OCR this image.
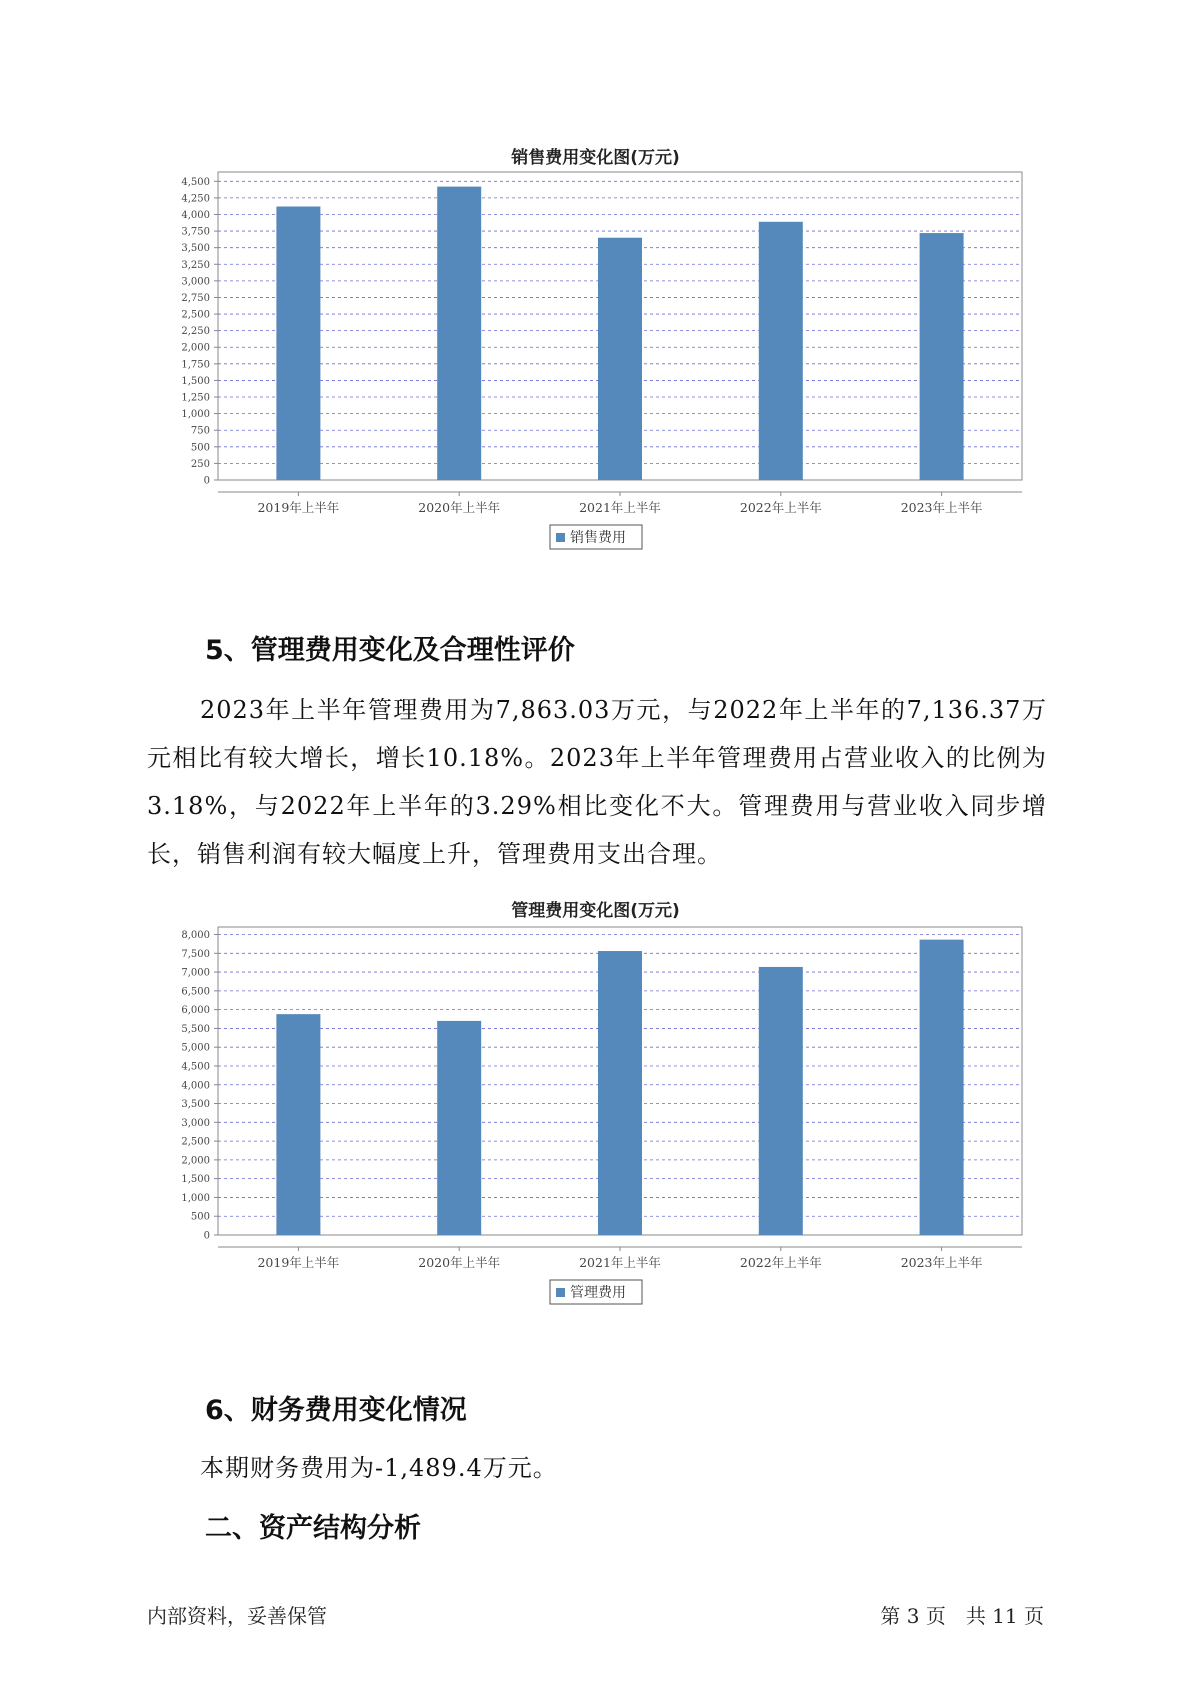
销售费用变化图(万元)
0
250
500
750
1,000
1,250
1,500
1,750
2,000
2,250
2,500
2,750
3,000
3,250
3,500
3,750
4,000
4,250
4,500
2019年上半年	2020年上半年	2021年上半年	2022年上半年	2023年上半年
销售费用
5、管理费用变化及合理性评价

2023年上半年管理费用为7,863.03万元，与2022年上半年的7,136.37万元相比有较大增长，增长10.18%。2023年上半年管理费用占营业收入的比例为3.18%，与2022年上半年的3.29%相比变化不大。管理费用与营业收入同步增长，销售利润有较大幅度上升，管理费用支出合理。

管理费用变化图(万元)
0
500
1,000
1,500
2,000
2,500
3,000
3,500
4,000
4,500
5,000
5,500
6,000
6,500
7,000
7,500
8,000
2019年上半年	2020年上半年	2021年上半年	2022年上半年	2023年上半年
管理费用
6、财务费用变化情况

本期财务费用为-1,489.4万元。

二、资产结构分析
内部资料，妥善保管	第 3 页　共 11 页
